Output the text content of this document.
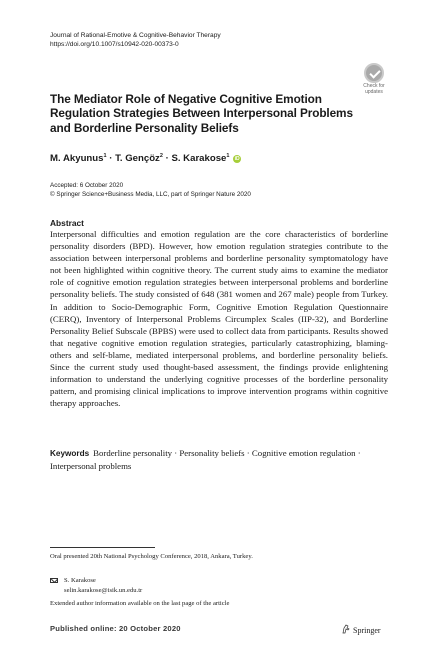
Journal of Rational-Emotive & Cognitive-Behavior Therapy
https://doi.org/10.1007/s10942-020-00373-0
Check for
updates
The Mediator Role of Negative Cognitive Emotion Regulation Strategies Between Interpersonal Problems and Borderline Personality Beliefs
M. Akyunus$^1$ · T. Gençöz$^2$ · S. Karakose$^1$ iD
Accepted: 6 October 2020
© Springer Science+Business Media, LLC, part of Springer Nature 2020
Abstract
Interpersonal difficulties and emotion regulation are the core characteristics of borderline personality disorders (BPD). However, how emotion regulation strategies contribute to the association between interpersonal problems and borderline personality symptomatology have not been highlighted within cognitive theory. The current study aims to examine the mediator role of cognitive emotion regulation strategies between interpersonal problems and borderline personality beliefs. The study consisted of 648 (381 women and 267 male) people from Turkey. In addition to Socio-Demographic Form, Cognitive Emotion Regulation Questionnaire (CERQ), Inventory of Interpersonal Problems Circumplex Scales (IIP-32), and Borderline Personality Belief Subscale (BPBS) were used to collect data from participants. Results showed that negative cognitive emotion regulation strategies, particularly catastrophizing, blaming-others and self-blame, mediated interpersonal problems, and borderline personality beliefs. Since the current study used thought-based assessment, the findings provide enlightening information to understand the underlying cognitive processes of the borderline personality pattern, and promising clinical implications to improve intervention programs within cognitive therapy approaches.
Keywords Borderline personality · Personality beliefs · Cognitive emotion regulation · Interpersonal problems
Oral presented 20th National Psychology Conference, 2018, Ankara, Turkey.
S. Karakose
selin.karakose@isik.un.edu.tr
Extended author information available on the last page of the article
Published online: 20 October 2020	Springer
